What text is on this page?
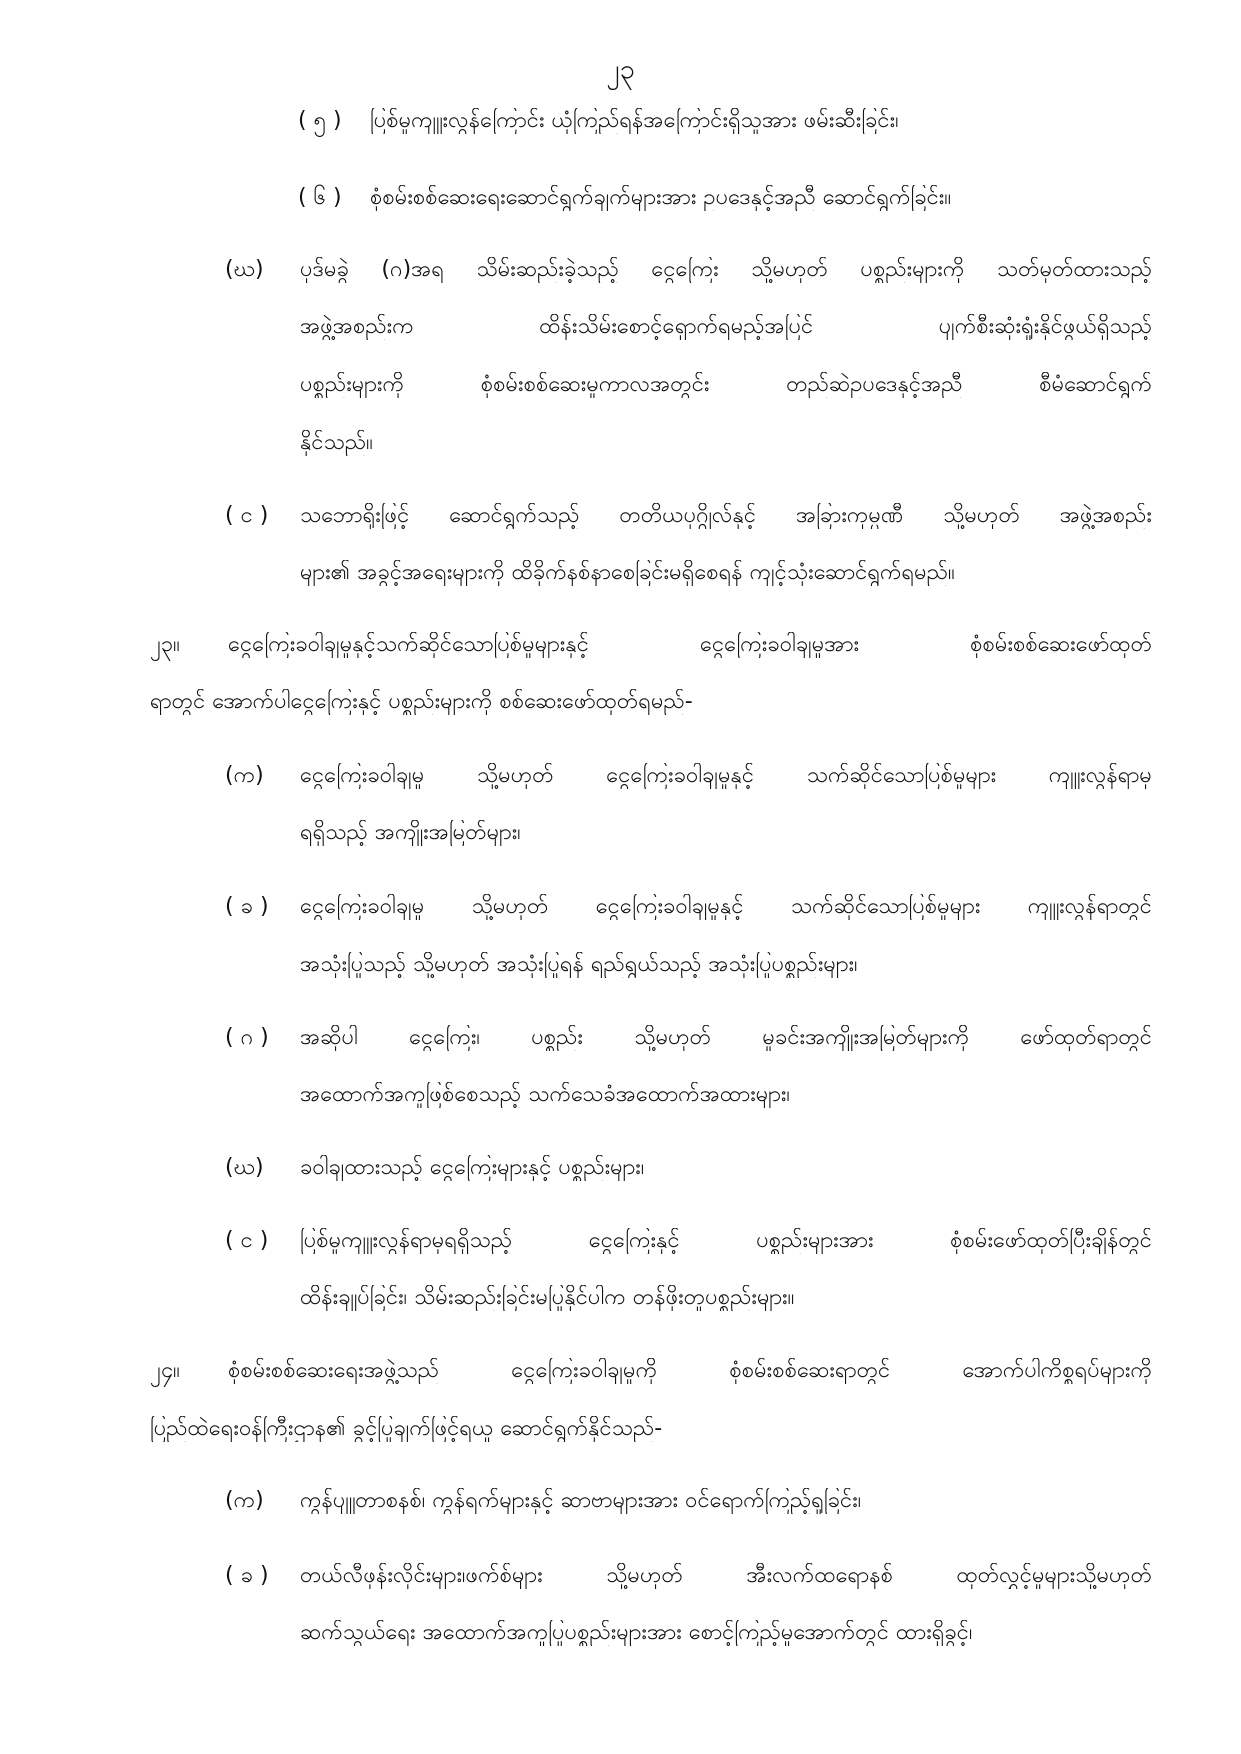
၂၃
( ၅ ) ပြစ်မှုကျူးလွန်ကြောင်း ယုံကြည်ရန်အကြောင်းရှိသူအား ဖမ်းဆီးခြင်း၊
( ၆ ) စုံစမ်းစစ်ဆေးရေးဆောင်ရွက်ချက်များအား ဥပဒေနှင့်အညီ ဆောင်ရွက်ခြင်း။
(ဃ) ပုဒ်မခွဲ (ဂ)အရ သိမ်းဆည်းခဲ့သည့် ငွေကြေး သို့မဟုတ် ပစ္စည်းများကို သတ်မှတ်ထားသည့်
အဖွဲ့အစည်းက ထိန်းသိမ်းစောင့်ရှောက်ရမည့်အပြင် ပျက်စီးဆုံးရှုံးနိုင်ဖွယ်ရှိသည့်
ပစ္စည်းများကို စုံစမ်းစစ်ဆေးမှုကာလအတွင်း တည်ဆဲဥပဒေနှင့်အညီ စီမံဆောင်ရွက်
နိုင်သည်။
( င ) သဘောရိုးဖြင့် ဆောင်ရွက်သည့် တတိယပုဂ္ဂိုလ်နှင့် အခြားကုမ္ပဏီ သို့မဟုတ် အဖွဲ့အစည်း
များ၏ အခွင့်အရေးများကို ထိခိုက်နစ်နာစေခြင်းမရှိစေရန် ကျင့်သုံးဆောင်ရွက်ရမည်။
၂၃။ ငွေကြေးခဝါချမှုနှင့်သက်ဆိုင်သောပြစ်မှုများနှင့် ငွေကြေးခဝါချမှုအား စုံစမ်းစစ်ဆေးဖော်ထုတ်
ရာတွင် အောက်ပါငွေကြေးနှင့် ပစ္စည်းများကို စစ်ဆေးဖော်ထုတ်ရမည်-
(က) ငွေကြေးခဝါချမှု သို့မဟုတ် ငွေကြေးခဝါချမှုနှင့် သက်ဆိုင်သောပြစ်မှုများ ကျူးလွန်ရာမှ
ရရှိသည့် အကျိုးအမြတ်များ၊
( ခ ) ငွေကြေးခဝါချမှု သို့မဟုတ် ငွေကြေးခဝါချမှုနှင့် သက်ဆိုင်သောပြစ်မှုများ ကျူးလွန်ရာတွင်
အသုံးပြုသည့် သို့မဟုတ် အသုံးပြုရန် ရည်ရွယ်သည့် အသုံးပြုပစ္စည်းများ၊
( ဂ ) အဆိုပါ ငွေကြေး၊ ပစ္စည်း သို့မဟုတ် မှုခင်းအကျိုးအမြတ်များကို ဖော်ထုတ်ရာတွင်
အထောက်အကူဖြစ်စေသည့် သက်သေခံအထောက်အထားများ၊
(ဃ) ခဝါချထားသည့် ငွေကြေးများနှင့် ပစ္စည်းများ၊
( င ) ပြစ်မှုကျူးလွန်ရာမှရရှိသည့် ငွေကြေးနှင့် ပစ္စည်းများအား စုံစမ်းဖော်ထုတ်ပြီးချိန်တွင်
ထိန်းချုပ်ခြင်း၊ သိမ်းဆည်းခြင်းမပြုနိုင်ပါက တန်ဖိုးတူပစ္စည်းများ။
၂၄။ စုံစမ်းစစ်ဆေးရေးအဖွဲ့သည် ငွေကြေးခဝါချမှုကို စုံစမ်းစစ်ဆေးရာတွင် အောက်ပါကိစ္စရပ်များကို
ပြည်ထဲရေးဝန်ကြီးဌာန၏ ခွင့်ပြုချက်ဖြင့်ရယူ ဆောင်ရွက်နိုင်သည်-
(က) ကွန်ပျူတာစနစ်၊ ကွန်ရက်များနှင့် ဆာဗာများအား ဝင်ရောက်ကြည့်ရှုခြင်း၊
( ခ ) တယ်လီဖုန်းလိုင်းများ၊ဖက်စ်များ သို့မဟုတ် အီးလက်ထရောနစ် ထုတ်လွှင့်မှုများသို့မဟုတ်
ဆက်သွယ်ရေး အထောက်အကူပြုပစ္စည်းများအား စောင့်ကြည့်မှုအောက်တွင် ထားရှိခွင့်၊
